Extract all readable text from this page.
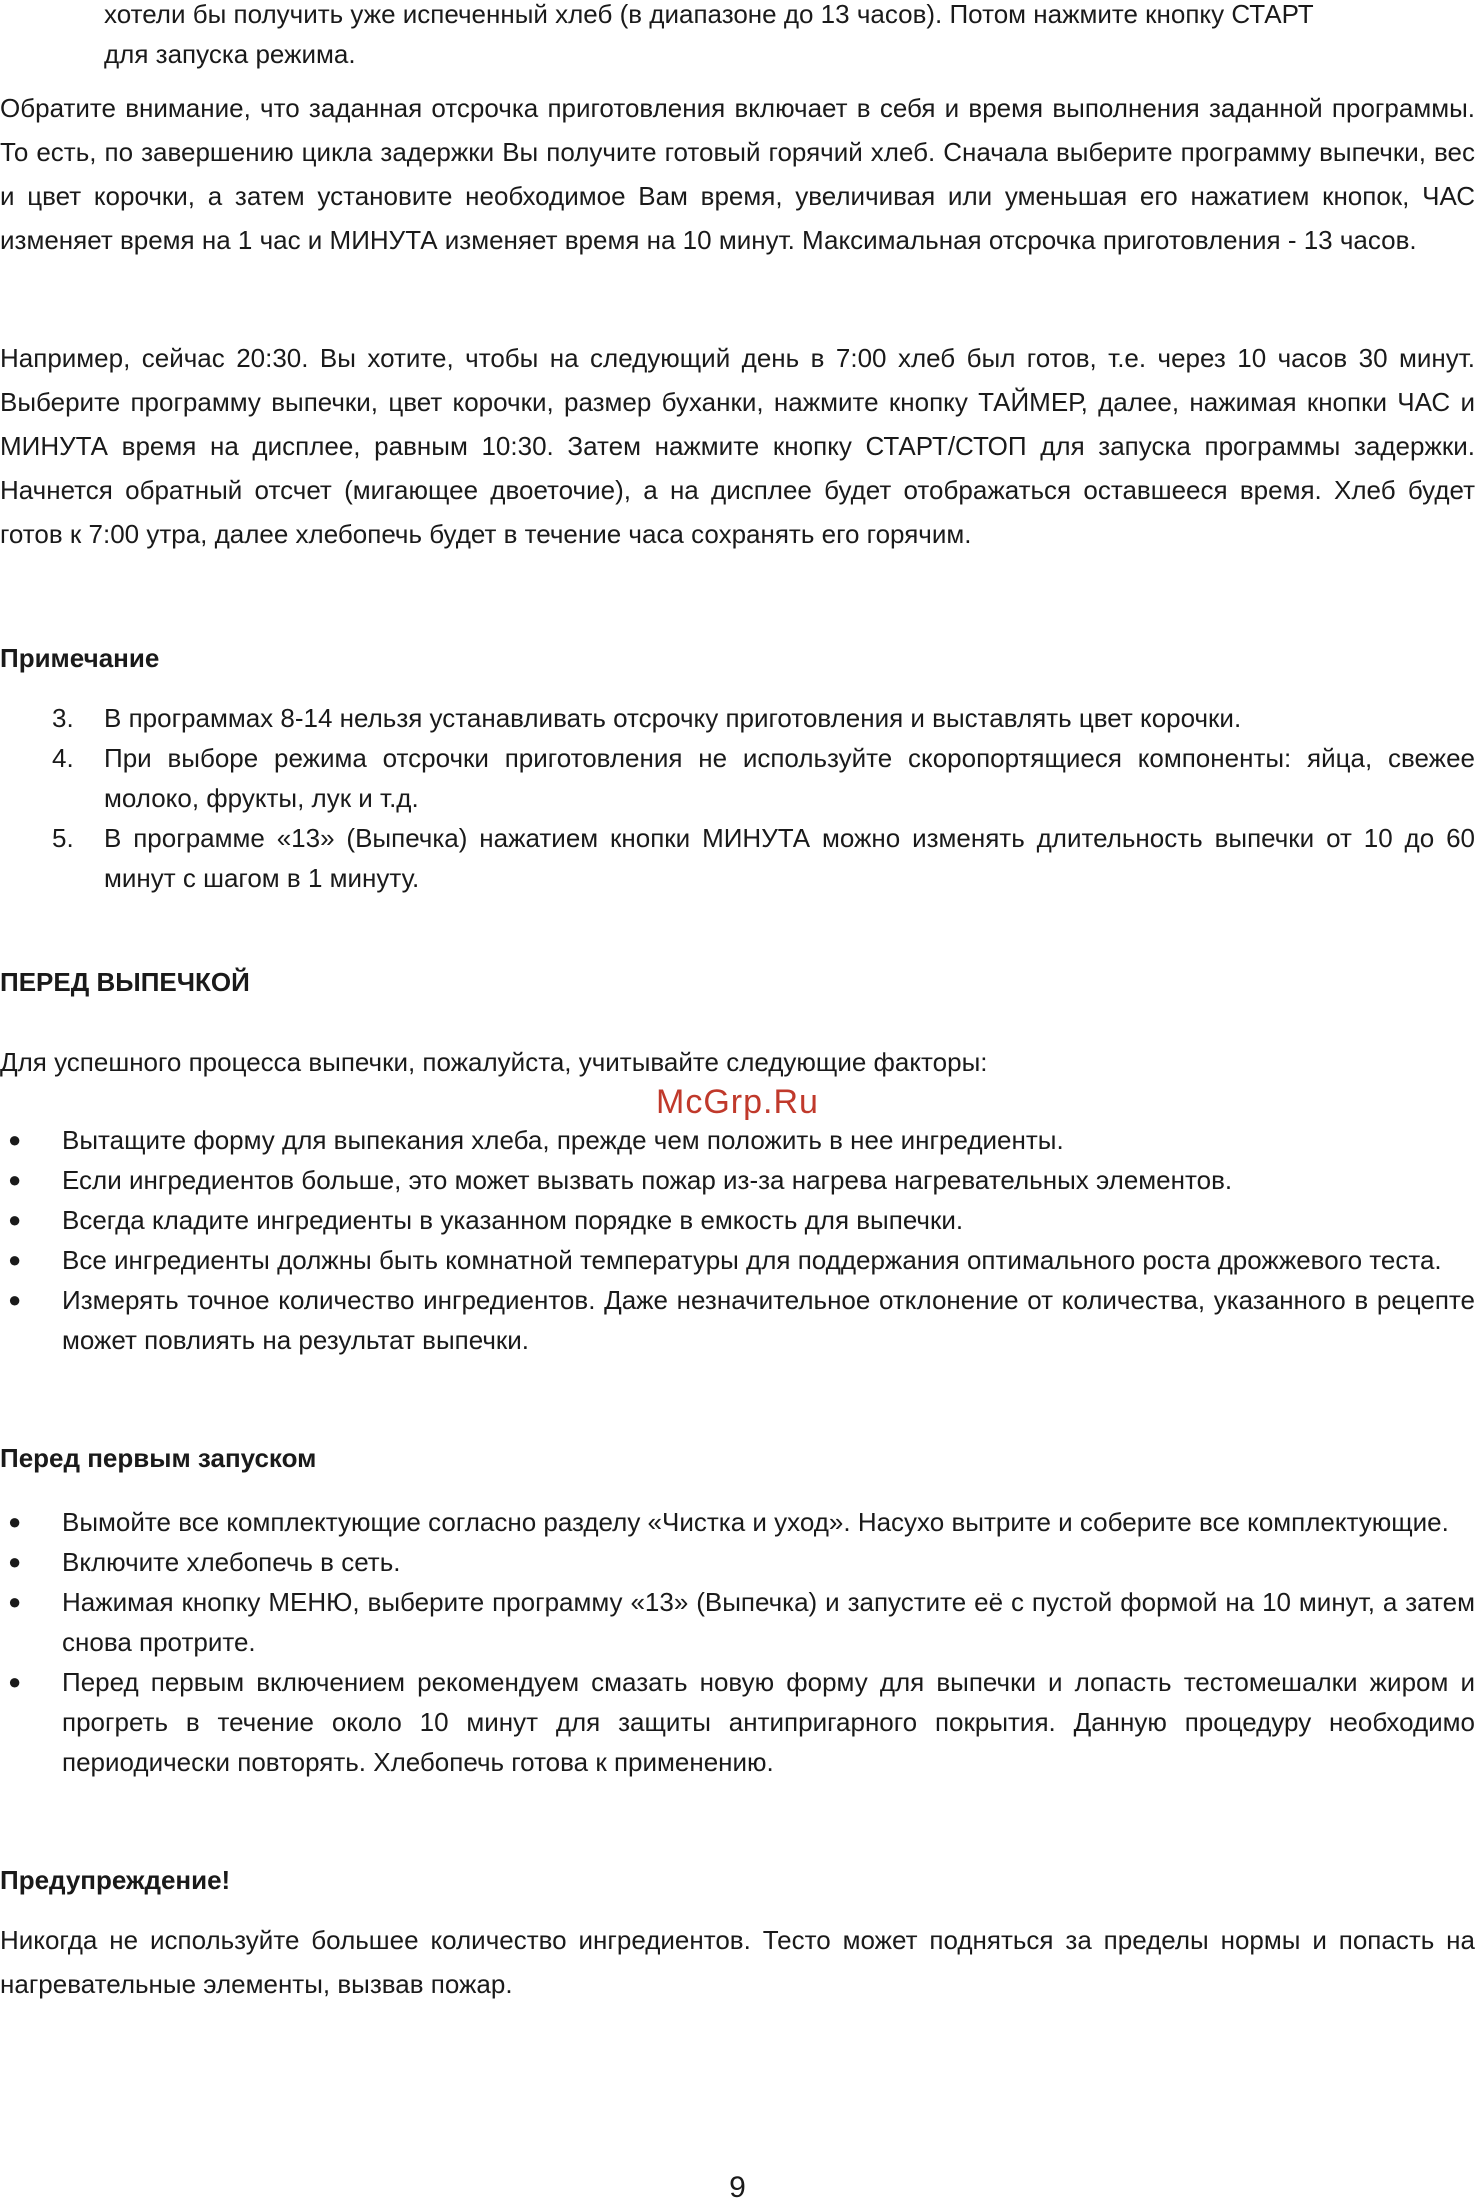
хотели бы получить уже испеченный хлеб (в диапазоне до 13 часов). Потом нажмите кнопку СТАРТ

для запуска режима.

Обратите внимание, что заданная отсрочка приготовления включает в себя и время выполнения заданной программы. То есть, по завершению цикла задержки Вы получите готовый горячий хлеб. Сначала выберите программу выпечки, вес и цвет корочки, а затем установите необходимое Вам время, увеличивая или уменьшая его нажатием кнопок, ЧАС изменяет время на 1 час и МИНУТА изменяет время на 10 минут. Максимальная отсрочка приготовления - 13 часов.

Например, сейчас 20:30. Вы хотите, чтобы на следующий день в 7:00 хлеб был готов, т.е. через 10 часов 30 минут. Выберите программу выпечки, цвет корочки, размер буханки, нажмите кнопку ТАЙМЕР, далее, нажимая кнопки ЧАС и МИНУТА время на дисплее, равным 10:30. Затем нажмите кнопку СТАРТ/СТОП для запуска программы задержки. Начнется обратный отсчет (мигающее двоеточие), а на дисплее будет отображаться оставшееся время. Хлеб будет готов к 7:00 утра, далее хлебопечь будет в течение часа сохранять его горячим.

Примечание

3. В программах 8-14 нельзя устанавливать отсрочку приготовления и выставлять цвет корочки.
4. При выборе режима отсрочки приготовления не используйте скоропортящиеся компоненты: яйца, свежее молоко, фрукты, лук и т.д.
5. В программе «13» (Выпечка) нажатием кнопки МИНУТА можно изменять длительность выпечки от 10 до 60 минут с шагом в 1 минуту.

ПЕРЕД ВЫПЕЧКОЙ

Для успешного процесса выпечки, пожалуйста, учитывайте следующие факторы:

McGrp.Ru
● Вытащите форму для выпекания хлеба, прежде чем положить в нее ингредиенты.
● Если ингредиентов больше, это может вызвать пожар из-за нагрева нагревательных элементов.
● Всегда кладите ингредиенты в указанном порядке в емкость для выпечки.
● Все ингредиенты должны быть комнатной температуры для поддержания оптимального роста дрожжевого теста.
● Измерять точное количество ингредиентов. Даже незначительное отклонение от количества, указанного в рецепте может повлиять на результат выпечки.

Перед первым запуском

● Вымойте все комплектующие согласно разделу «Чистка и уход». Насухо вытрите и соберите все комплектующие.
● Включите хлебопечь в сеть.
● Нажимая кнопку МЕНЮ, выберите программу «13» (Выпечка) и запустите её с пустой формой на 10 минут, а затем снова протрите.
● Перед первым включением рекомендуем смазать новую форму для выпечки и лопасть тестомешалки жиром и прогреть в течение около 10 минут для защиты антипригарного покрытия. Данную процедуру необходимо периодически повторять. Хлебопечь готова к применению.

Предупреждение!

Никогда не используйте большее количество ингредиентов. Тесто может подняться за пределы нормы и попасть на нагревательные элементы, вызвав пожар.

9
